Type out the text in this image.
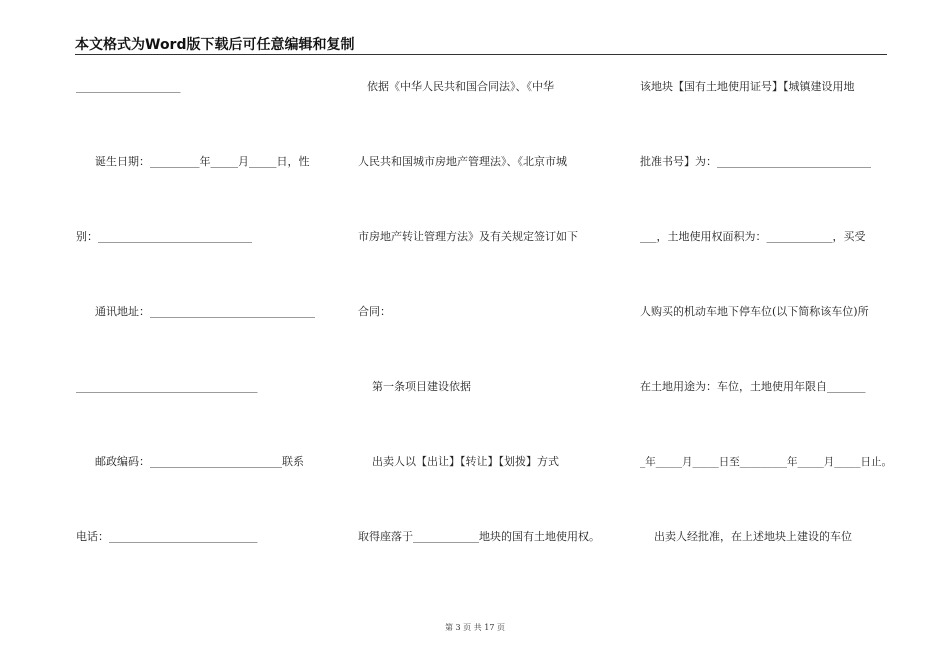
本文格式为Word版下载后可任意编辑和复制
___________________
诞生日期：_________年_____月_____日，性
别：____________________________
通讯地址：______________________________
_________________________________
邮政编码：________________________联系
电话：___________________________
依据《中华人民共和国合同法》、《中华
人民共和国城市房地产管理法》、《北京市城
市房地产转让管理方法》及有关规定签订如下
合同：
第一条项目建设依据
出卖人以【出让】【转让】【划拨】方式
取得座落于____________地块的国有土地使用权。
该地块【国有土地使用证号】【城镇建设用地
批准书号】为：____________________________
___，土地使用权面积为：____________，买受
人购买的机动车地下停车位(以下简称该车位)所
在土地用途为：车位，土地使用年限自_______
_年_____月_____日至_________年_____月_____日止。
出卖人经批准，在上述地块上建设的车位
第 3 页 共 17 页
